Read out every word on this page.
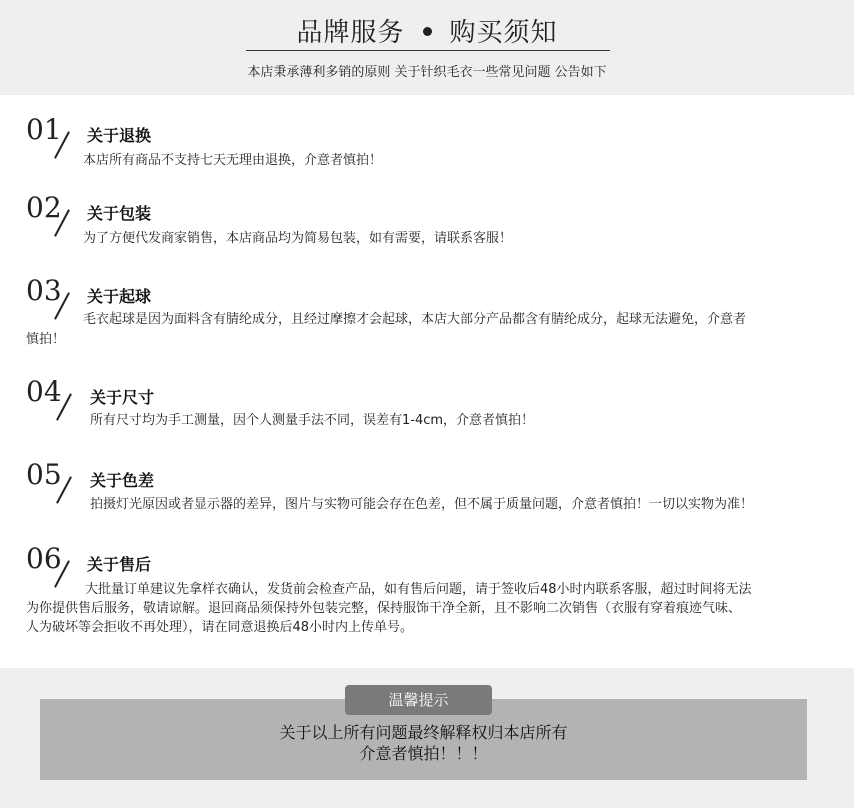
品牌服务 购买须知
本店秉承薄利多销的原则 关于针织毛衣一些常见问题 公告如下
01 关于退换
本店所有商品不支持七天无理由退换，介意者慎拍！
02 关于包装
为了方便代发商家销售，本店商品均为简易包装，如有需要，请联系客服！
03 关于起球
毛衣起球是因为面料含有腈纶成分，且经过摩擦才会起球，本店大部分产品都含有腈纶成分，起球无法避免，介意者
慎拍！
04 关于尺寸
所有尺寸均为手工测量，因个人测量手法不同，误差有1-4cm，介意者慎拍！
05 关于色差
拍摄灯光原因或者显示器的差异，图片与实物可能会存在色差，但不属于质量问题，介意者慎拍！一切以实物为准！
06 关于售后
大批量订单建议先拿样衣确认，发货前会检查产品，如有售后问题，请于签收后48小时内联系客服，超过时间将无法
为你提供售后服务，敬请谅解。退回商品须保持外包装完整，保持服饰干净全新，且不影响二次销售（衣服有穿着痕迹气味、
人为破坏等会拒收不再处理），请在同意退换后48小时内上传单号。
温馨提示
关于以上所有问题最终解释权归本店所有
介意者慎拍！！！
